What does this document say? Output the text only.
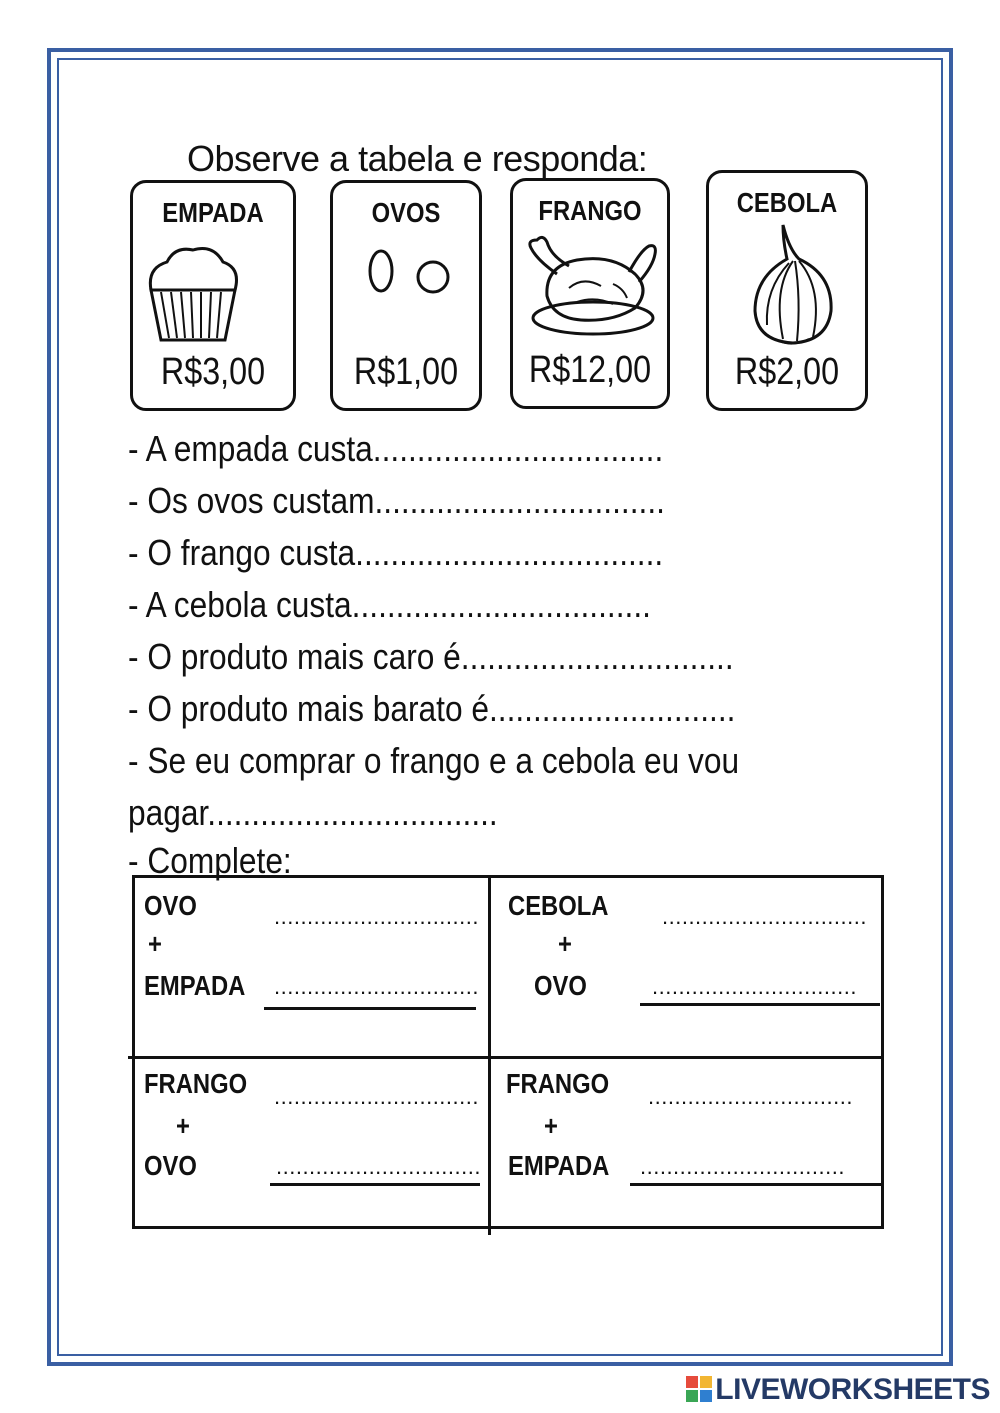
Observe a tabela e responda:
EMPADA
R$3,00
OVOS
R$1,00
FRANGO
R$12,00
CEBOLA
R$2,00
- A empada custa.................................
- Os ovos custam.................................
- O frango custa...................................
- A cebola custa..................................
- O produto mais caro é...............................
- O produto mais barato é............................
- Se eu comprar o frango e a cebola eu vou
pagar.................................
- Complete:
OVO	...............................
+
EMPADA ...............................
CEBOLA ...............................
+
OVO	...............................
FRANGO ...............................
+
OVO	...............................
FRANGO ...............................
+
EMPADA ...............................
LIVEWORKSHEETS
